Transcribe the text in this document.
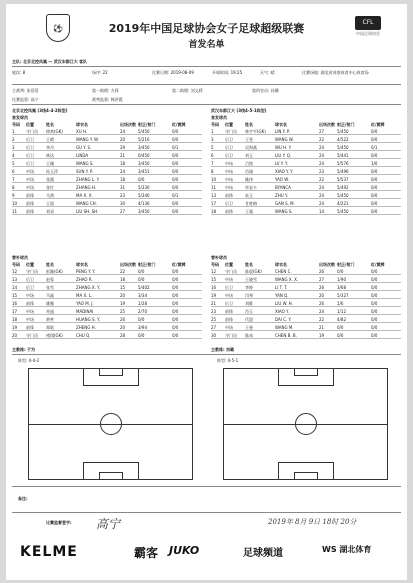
⚽
CFL
中国足球协会
2019年中国足球协会女子足球超级联赛
首发名单
主队: 北京北控凤凰 — 武汉车都江大 客队
轮次: 8	场序: 22	比赛日期: 2019-08-09	开球时间: 19:25	天气: 晴	比赛场地: 湖北省英豪体育中心体育场
主裁判: 张蓓蓓	第一助理: 方莉	第二助理: 刘文莉	第四官员: 孙娜
比赛监督: 高宁	裁判监督: 韩洪霞
北京北控凤凰 (3线4-4-2阵型)	武汉车都江大 (3线4-5-1阵型)
首发球员
号码 位置	姓名	球衣名	出场次数 射正/射门	红/黄牌
1	守门员 徐欢(GK)	XU H.	24	5/450	0/0
2	后卫	王晴	WANG Y. W.	20	5/216	0/0
3	后卫	李丹	GU Y. S.	29	3/450	0/1
4	后卫	林达	LINDA	21	0/450	0/0
5	后卫	王珊	WANG S.	18	3/450	0/0
6	中场	孙玉萍	SUN Y. P.	24	3/451	0/0
7	中场	张露	ZHANG L. Y.	18	0/0	0/0
8	中场	张红	ZHANG H.	31	5/330	0/0
9	前锋	马茜	MA X. X.	23	5/340	0/1
10 前锋	王晨	WANG CH.	30	4/136	0/0
11 前锋	刘双	LIU SH. SH.	27	3/450	0/0
首发球员
号码 位置	姓名	球衣名	出场次数 射正/射门	红/黄牌
1	守门员 林宇平(GK) LIN Y. P.	27	5/450	0/0
3	后卫	王雯	WANG W.	22	4/522	0/0
5	后卫	吴海燕	WU H. Y.	24	5/450	0/1
6	后卫	刘玉	LIU Y. Q.	24	5/441	0/0
7	中场	吕悦	LV Y. Y.	24	5/576	1/0
8	中场	肖瑜	XIAO Y. Y.	23	5/496	0/0
10 中场	姚伟	YAO W.	22	5/537	0/0
11 中场	毕安卡	BYANCA	24	5/492	0/0
13 前锋	朱玉	ZHU Y.	24	5/450	0/0
17 后卫	甘胜梅	GAN S. M.	24	4/221	0/0
18 前锋	王霜	WANG S.	14	5/450	0/0
替补球员
号码 位置	姓名	球衣名	出场次数 射正/射门	红/黄牌
12 守门员 彭颖(GK)	PENG Y. Y.	22	0/0	0/0
13 后卫	赵蓉	ZHAO R.	18	0/0	0/0
14 后卫	张雪	ZHANG X. Y.	15	5/402	0/0
15 中场	马磊	MA X. L.	20	3/34	0/0
16 前锋	姚娜	YAO M. J.	19	1/28	0/0
17 中场	麦迪	MADINAI	25	2/70	0/0
18 中场	黄笑	HUANG S. Y.	26	0/0	0/0
19 前锋	郑晗	ZHENG H.	20	3/94	0/0
20 守门员 褚琪(GK)	CHU Q.	28	0/0	0/0
替补球员
号码 位置	姓名	球衣名	出场次数 射正/射门	红/黄牌
12 守门员 陈晨(GK)	CHEN C.	26	0/0	0/0
15 中场	王晓雪	WANG X. X.	27	1/90	0/0
16 后卫	李婷	LI T. T.	26	3/68	0/0
19 中场	闫琴	YAN Q.	20	5/327	0/0
21 后卫	刘维	LIU W. H.	26	1/6	0/0
23 前锋	肖玉	XIAO Y.	24	1/12	0/0
25 前锋	代晨	DAI C. Y.	22	4/82	0/0
27 中场	王曼	WANG M.	21	0/0	0/0
30 守门员 陈冰	CHEN B. B.	19	0/0	0/0
主教练: 于为	主教练: 刘璐
阵型: 4-4-2	阵型: 4-5-1
备注:
比赛监督签字: 高宁	2019年 8月 9日 18时 20分
KELME	霸客 JUKO	足球频道	WS 湖北体育
